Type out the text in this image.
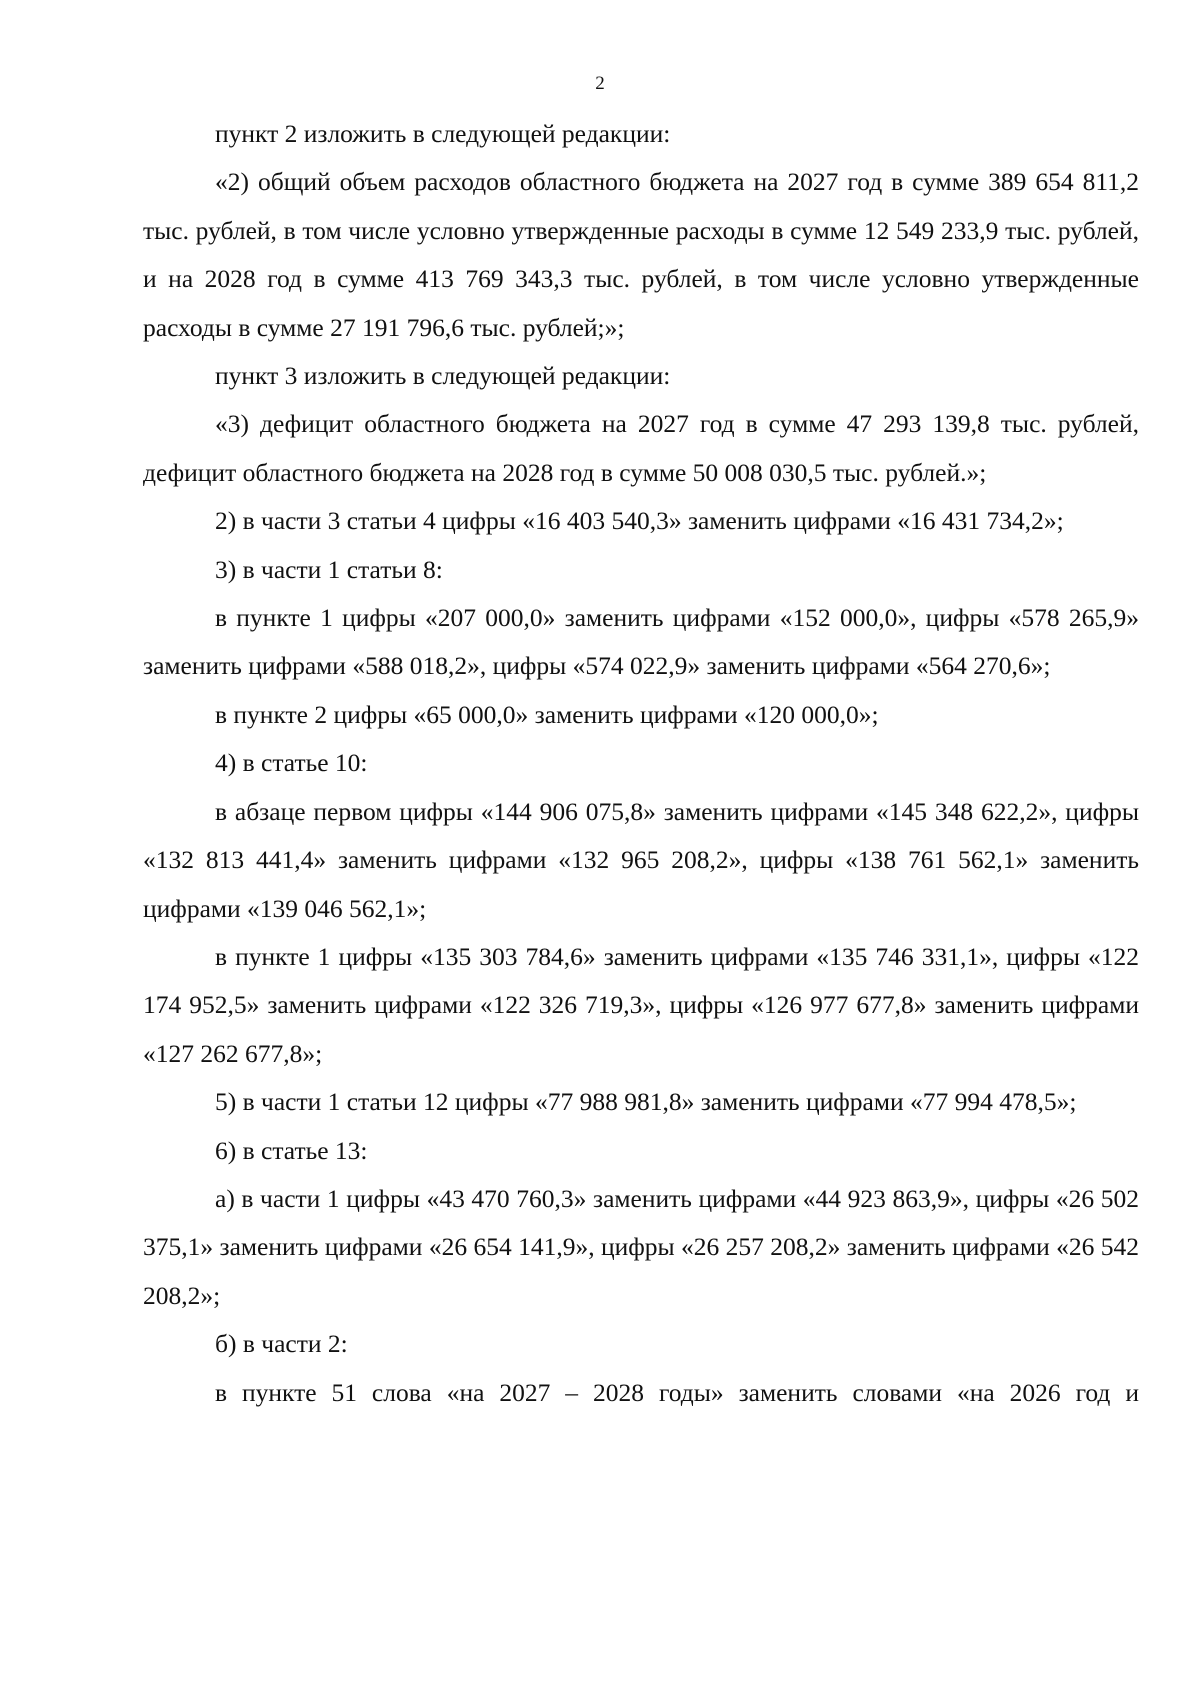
2

пункт 2 изложить в следующей редакции:

«2) общий объем расходов областного бюджета на 2027 год в сумме 389 654 811,2 тыс. рублей, в том числе условно утвержденные расходы в сумме 12 549 233,9 тыс. рублей, и на 2028 год в сумме 413 769 343,3 тыс. рублей, в том числе условно утвержденные расходы в сумме 27 191 796,6 тыс. рублей;»;

пункт 3 изложить в следующей редакции:

«3) дефицит областного бюджета на 2027 год в сумме 47 293 139,8 тыс. рублей, дефицит областного бюджета на 2028 год в сумме 50 008 030,5 тыс. рублей.»;

2) в части 3 статьи 4 цифры «16 403 540,3» заменить цифрами «16 431 734,2»;

3) в части 1 статьи 8:

в пункте 1 цифры «207 000,0» заменить цифрами «152 000,0», цифры «578 265,9» заменить цифрами «588 018,2», цифры «574 022,9» заменить цифрами «564 270,6»;

в пункте 2 цифры «65 000,0» заменить цифрами «120 000,0»;

4) в статье 10:

в абзаце первом цифры «144 906 075,8» заменить цифрами «145 348 622,2», цифры «132 813 441,4» заменить цифрами «132 965 208,2», цифры «138 761 562,1» заменить цифрами «139 046 562,1»;

в пункте 1 цифры «135 303 784,6» заменить цифрами «135 746 331,1», цифры «122 174 952,5» заменить цифрами «122 326 719,3», цифры «126 977 677,8» заменить цифрами «127 262 677,8»;

5) в части 1 статьи 12 цифры «77 988 981,8» заменить цифрами «77 994 478,5»;

6) в статье 13:

а) в части 1 цифры «43 470 760,3» заменить цифрами «44 923 863,9», цифры «26 502 375,1» заменить цифрами «26 654 141,9», цифры «26 257 208,2» заменить цифрами «26 542 208,2»;

б) в части 2:

в пункте 51 слова «на 2027 – 2028 годы» заменить словами «на 2026 год и
